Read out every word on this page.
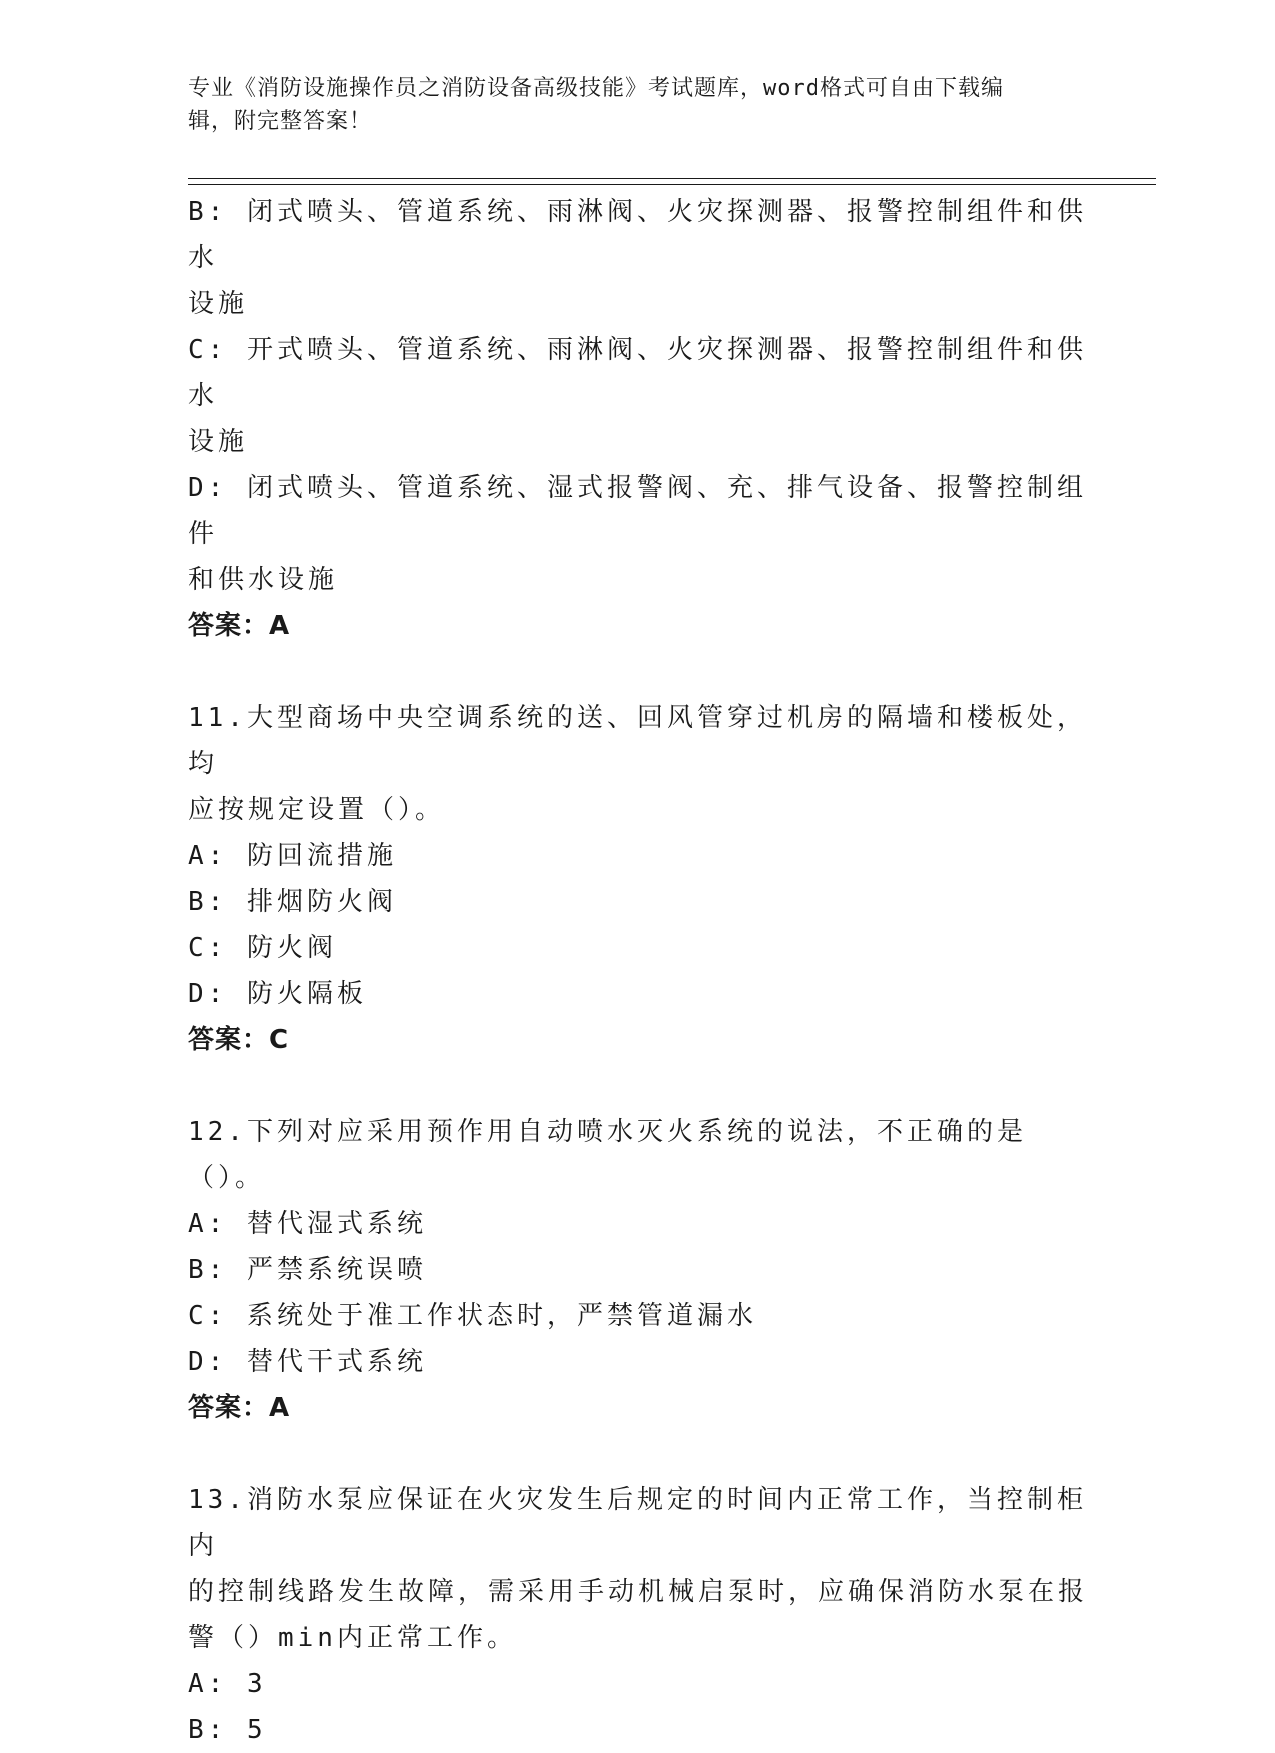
专业《消防设施操作员之消防设备高级技能》考试题库，word格式可自由下载编
辑，附完整答案！
B: 闭式喷头、管道系统、雨淋阀、火灾探测器、报警控制组件和供水
设施
C: 开式喷头、管道系统、雨淋阀、火灾探测器、报警控制组件和供水
设施
D: 闭式喷头、管道系统、湿式报警阀、充、排气设备、报警控制组件
和供水设施
答案：A
11.大型商场中央空调系统的送、回风管穿过机房的隔墙和楼板处，均
应按规定设置（）。
A: 防回流措施
B: 排烟防火阀
C: 防火阀
D: 防火隔板
答案：C
12.下列对应采用预作用自动喷水灭火系统的说法，不正确的是（）。
A: 替代湿式系统
B: 严禁系统误喷
C: 系统处于准工作状态时，严禁管道漏水
D: 替代干式系统
答案：A
13.消防水泵应保证在火灾发生后规定的时间内正常工作，当控制柜内
的控制线路发生故障，需采用手动机械启泵时，应确保消防水泵在报
警（）min内正常工作。
A: 3
B: 5
